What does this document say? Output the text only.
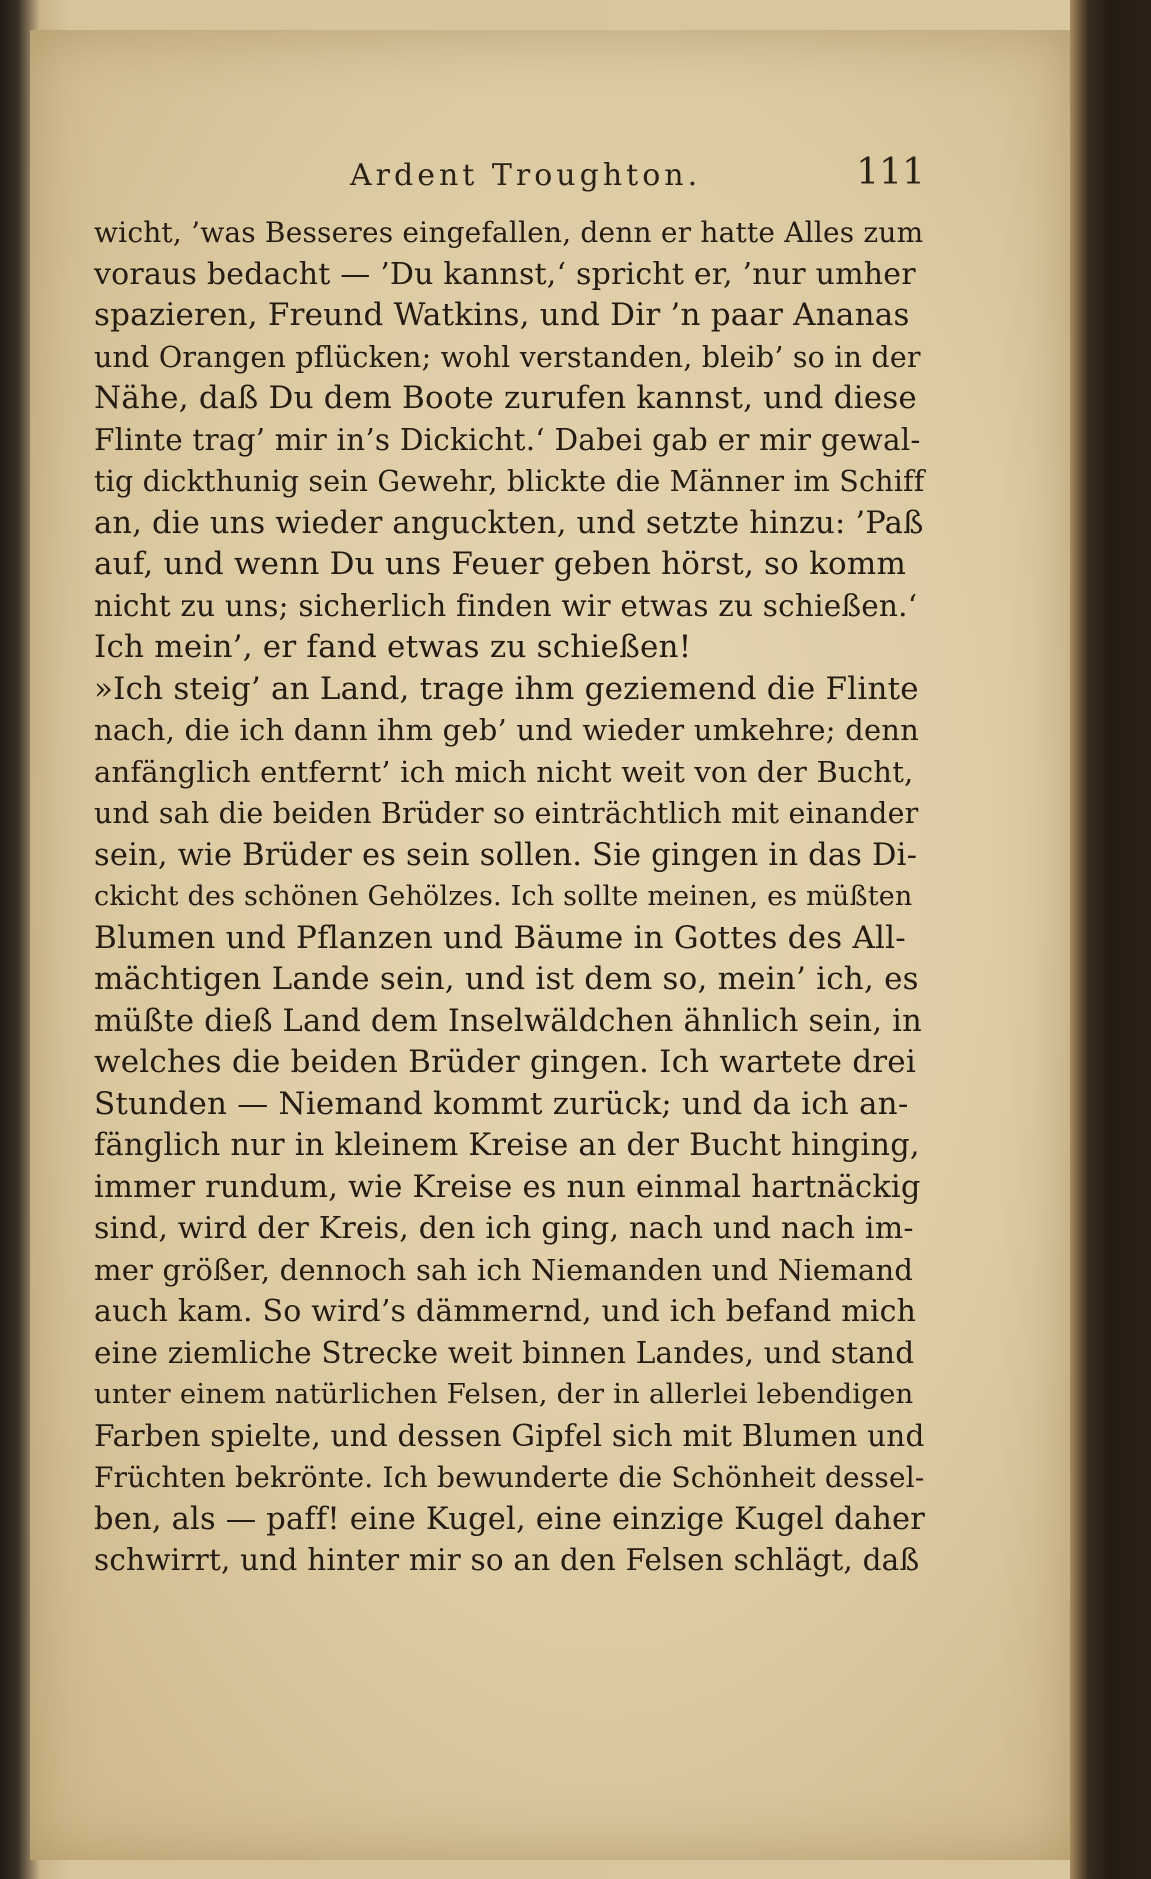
Ardent Troughton.	111
wicht, ’was Besseres eingefallen, denn er hatte Alles zum
voraus bedacht — ’Du kannst,‘ spricht er, ’nur umher
spazieren, Freund Watkins, und Dir ’n paar Ananas
und Orangen pflücken; wohl verstanden, bleib’ so in der
Nähe, daß Du dem Boote zurufen kannst, und diese
Flinte trag’ mir in’s Dickicht.‘ Dabei gab er mir gewal-
tig dickthunig sein Gewehr, blickte die Männer im Schiff
an, die uns wieder anguckten, und setzte hinzu: ’Paß
auf, und wenn Du uns Feuer geben hörst, so komm
nicht zu uns; sicherlich finden wir etwas zu schießen.‘
Ich mein’, er fand etwas zu schießen!
»Ich steig’ an Land, trage ihm geziemend die Flinte
nach, die ich dann ihm geb’ und wieder umkehre; denn
anfänglich entfernt’ ich mich nicht weit von der Bucht,
und sah die beiden Brüder so einträchtlich mit einander
sein, wie Brüder es sein sollen. Sie gingen in das Di-
ckicht des schönen Gehölzes. Ich sollte meinen, es müßten
Blumen und Pflanzen und Bäume in Gottes des All-
mächtigen Lande sein, und ist dem so, mein’ ich, es
müßte dieß Land dem Inselwäldchen ähnlich sein, in
welches die beiden Brüder gingen. Ich wartete drei
Stunden — Niemand kommt zurück; und da ich an-
fänglich nur in kleinem Kreise an der Bucht hinging,
immer rundum, wie Kreise es nun einmal hartnäckig
sind, wird der Kreis, den ich ging, nach und nach im-
mer größer, dennoch sah ich Niemanden und Niemand
auch kam. So wird’s dämmernd, und ich befand mich
eine ziemliche Strecke weit binnen Landes, und stand
unter einem natürlichen Felsen, der in allerlei lebendigen
Farben spielte, und dessen Gipfel sich mit Blumen und
Früchten bekrönte. Ich bewunderte die Schönheit dessel-
ben, als — paff! eine Kugel, eine einzige Kugel daher
schwirrt, und hinter mir so an den Felsen schlägt, daß
